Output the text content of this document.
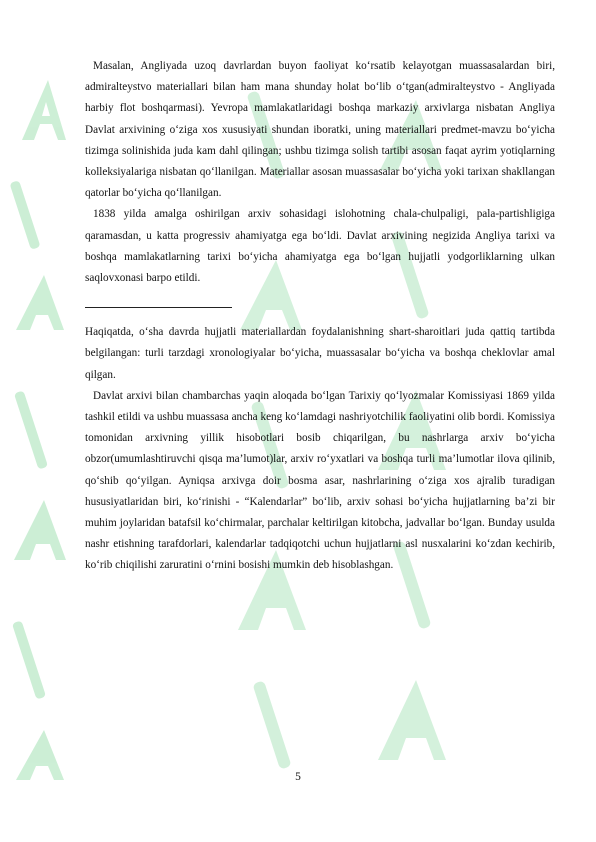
Masalan, Angliyada uzoq davrlardan buyon faoliyat ko‘rsatib kelayotgan muassasalardan biri, admiralteystvo materiallari bilan ham mana shunday holat bo‘lib o‘tgan(admiralteystvo - Angliyada harbiy flot boshqarmasi). Yevropa mamlakatlaridagi boshqa markaziy arxivlarga nisbatan Angliya Davlat arxivining o‘ziga xos xususiyati shundan iboratki, uning materiallari predmet-mavzu bo‘yicha tizimga solinishida juda kam dahl qilingan; ushbu tizimga solish tartibi asosan faqat ayrim yotiqlarning kolleksiyalariga nisbatan qo‘llanilgan. Materiallar asosan muassasalar bo‘yicha yoki tarixan shakllangan qatorlar bo‘yicha qo‘llanilgan.

1838 yilda amalga oshirilgan arxiv sohasidagi islohotning chala-chulpaligi, pala-partishligiga qaramasdan, u katta progressiv ahamiyatga ega bo‘ldi. Davlat arxivining negizida Angliya tarixi va boshqa mamlakatlarning tarixi bo‘yicha ahamiyatga ega bo‘lgan hujjatli yodgorliklarning ulkan saqlovxonasi barpo etildi.

Haqiqatda, o‘sha davrda hujjatli materiallardan foydalanishning shart-sharoitlari juda qattiq tartibda belgilangan: turli tarzdagi xronologiyalar bo‘yicha, muassasalar bo‘yicha va boshqa cheklovlar amal qilgan.

Davlat arxivi bilan chambarchas yaqin aloqada bo‘lgan Tarixiy qo‘lyozmalar Komissiyasi 1869 yilda tashkil etildi va ushbu muassasa ancha keng ko‘lamdagi nashriyotchilik faoliyatini olib bordi. Komissiya tomonidan arxivning yillik hisobotlari bosib chiqarilgan, bu nashrlarga arxiv bo‘yicha obzor(umumlashtiruvchi qisqa ma’lumot)lar, arxiv ro‘yxatlari va boshqa turli ma’lumotlar ilova qilinib, qo‘shib qo‘yilgan. Ayniqsa arxivga doir bosma asar, nashrlarining o‘ziga xos ajralib turadigan hususiyatlaridan biri, ko‘rinishi - “Kalendarlar” bo‘lib, arxiv sohasi bo‘yicha hujjatlarning ba’zi bir muhim joylaridan batafsil ko‘chirmalar, parchalar keltirilgan kitobcha, jadvallar bo‘lgan. Bunday usulda nashr etishning tarafdorlari, kalendarlar tadqiqotchi uchun hujjatlarni asl nusxalarini ko‘zdan kechirib, ko‘rib chiqilishi zaruratini o‘rnini bosishi mumkin deb hisoblashgan.

5
